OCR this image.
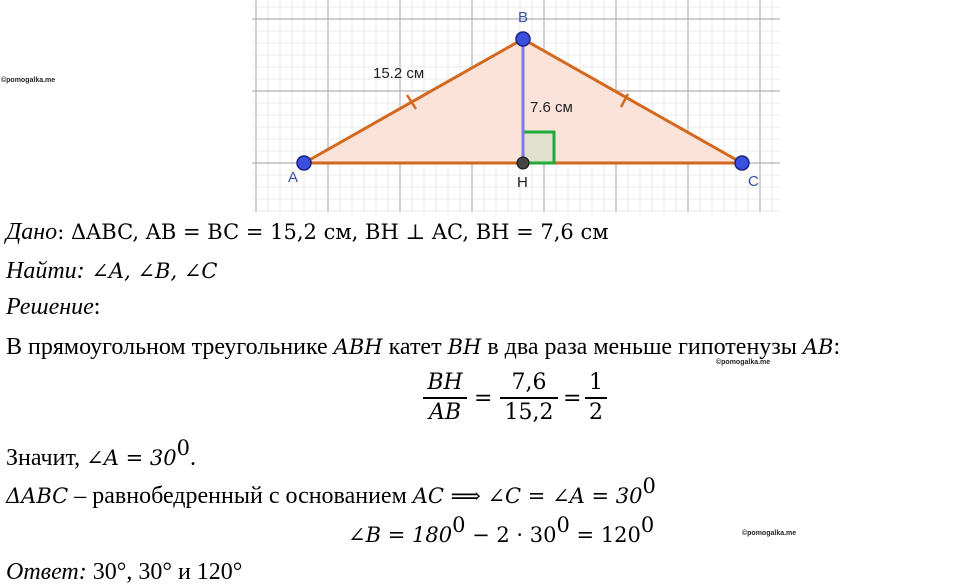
A
B
C
H
15.2 см
7.6 см
©pomogalka.me
©pomogalka.me
©pomogalka.me
Дано: ΔABC, AB = BC = 15,2 см, BH ⊥ AC, BH = 7,6 см
Найти: ∠A, ∠B, ∠C
Решение:
В прямоугольном треугольнике ABH катет BH в два раза меньше гипотенузы AB:
BH
AB
=
7,6
15,2
=
1
2
Значит, ∠A = $30^0$.
ΔABC – равнобедренный с основанием AC ⟹ ∠C = ∠A = $30^0$
∠B = $180^0 - 2 \cdot 30^0 = 120^0$
Ответ: 30°, 30° и 120°
